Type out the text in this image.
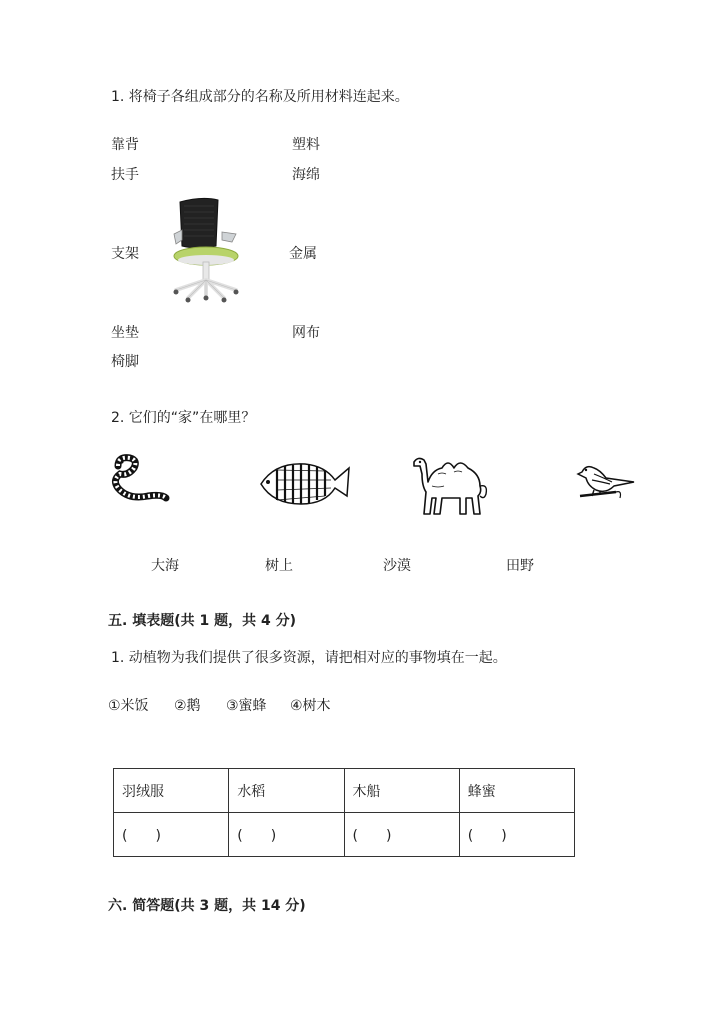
1. 将椅子各组成部分的名称及所用材料连起来。
靠背
扶手
支架
坐垫
椅脚
塑料
海绵
金属
网布
2. 它们的“家”在哪里？
大海	树上	沙漠	田野
五. 填表题(共 1 题，共 4 分)
1. 动植物为我们提供了很多资源，请把相对应的事物填在一起。
①米饭 ②鹅 ③蜜蜂 ④树木
羽绒服	水稻	木船	蜂蜜
(　　)	(　　)	(　　)	(　　)
六. 简答题(共 3 题，共 14 分)
